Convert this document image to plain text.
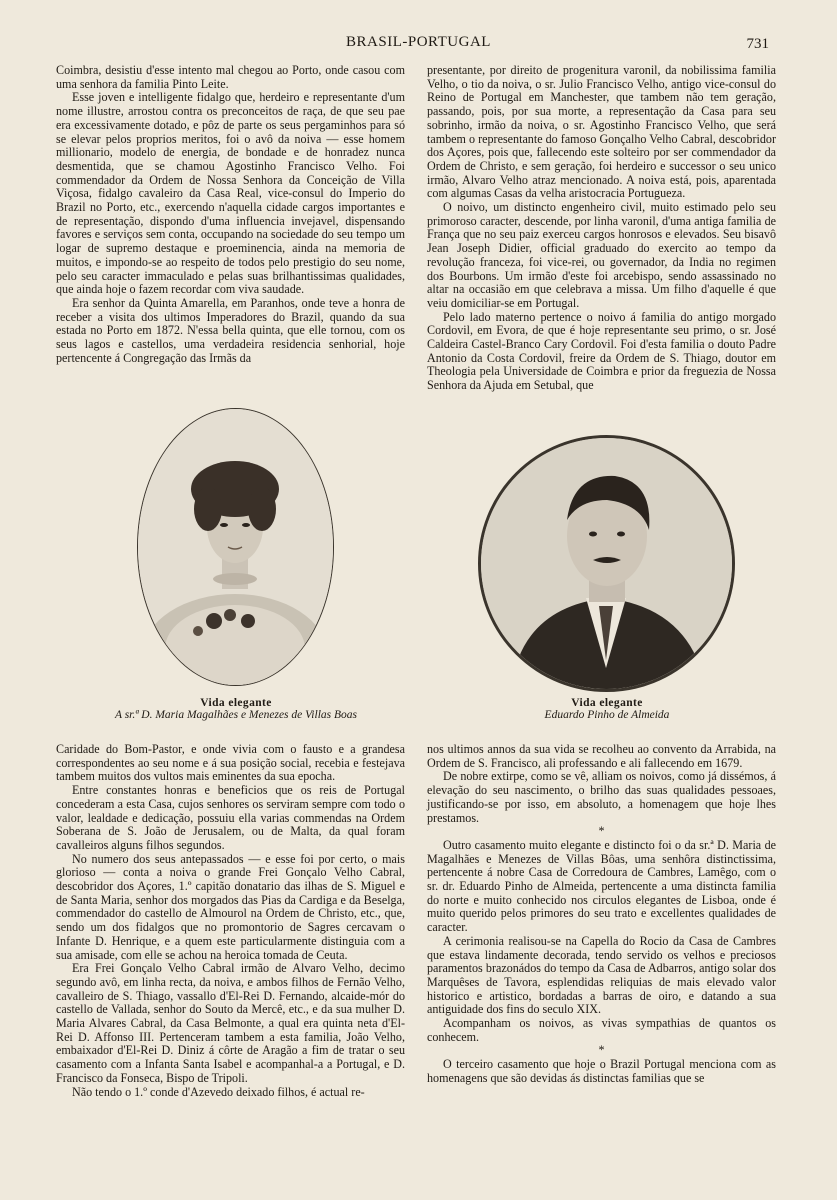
BRASIL-PORTUGAL	731

Coimbra, desistiu d'esse intento mal chegou ao Porto, onde casou com uma senhora da familia Pinto Leite.

Esse joven e intelligente fidalgo que, herdeiro e representante d'um nome illustre, arrostou contra os preconceitos de raça, de que seu pae era excessivamente dotado, e pôz de parte os seus pergaminhos para só se elevar pelos proprios meritos, foi o avô da noiva — esse homem millionario, modelo de energia, de bondade e de honradez nunca desmentida, que se chamou Agostinho Francisco Velho. Foi commendador da Ordem de Nossa Senhora da Conceição de Villa Viçosa, fidalgo cavaleiro da Casa Real, vice-consul do Imperio do Brazil no Porto, etc., exercendo n'aquella cidade cargos importantes e de representação, dispondo d'uma influencia invejavel, dispensando favores e serviços sem conta, occupando na sociedade do seu tempo um logar de supremo destaque e proeminencia, ainda na memoria de muitos, e impondo-se ao respeito de todos pelo prestigio do seu nome, pelo seu caracter immaculado e pelas suas brilhantissimas qualidades, que ainda hoje o fazem recordar com viva saudade.

Era senhor da Quinta Amarella, em Paranhos, onde teve a honra de receber a visita dos ultimos Imperadores do Brazil, quando da sua estada no Porto em 1872. N'essa bella quinta, que elle tornou, com os seus lagos e castellos, uma verdadeira residencia senhorial, hoje pertencente á Congregação das Irmãs da

presentante, por direito de progenitura varonil, da nobilissima familia Velho, o tio da noiva, o sr. Julio Francisco Velho, antigo vice-consul do Reino de Portugal em Manchester, que tambem não tem geração, passando, pois, por sua morte, a representação da Casa para seu sobrinho, irmão da noiva, o sr. Agostinho Francisco Velho, que será tambem o representante do famoso Gonçalho Velho Cabral, descobridor dos Açores, pois que, fallecendo este solteiro por ser commendador da Ordem de Christo, e sem geração, foi herdeiro e successor o seu unico irmão, Alvaro Velho atraz mencionado. A noiva está, pois, aparentada com algumas Casas da velha aristocracia Portugueza.

O noivo, um distincto engenheiro civil, muito estimado pelo seu primoroso caracter, descende, por linha varonil, d'uma antiga familia de França que no seu paiz exerceu cargos honrosos e elevados. Seu bisavô Jean Joseph Didier, official graduado do exercito ao tempo da revolução franceza, foi vice-rei, ou governador, da India no regimen dos Bourbons. Um irmão d'este foi arcebispo, sendo assassinado no altar na occasião em que celebrava a missa. Um filho d'aquelle é que veiu domiciliar-se em Portugal.

Pelo lado materno pertence o noivo á familia do antigo morgado Cordovil, em Evora, de que é hoje representante seu primo, o sr. José Caldeira Castel-Branco Cary Cordovil. Foi d'esta familia o douto Padre Antonio da Costa Cordovil, freire da Ordem de S. Thiago, doutor em Theologia pela Universidade de Coimbra e prior da freguezia de Nossa Senhora da Ajuda em Setubal, que

Vida elegante
A sr.ª D. Maria Magalhães e Menezes de Villas Boas
Vida elegante
Eduardo Pinho de Almeida

Caridade do Bom-Pastor, e onde vivia com o fausto e a grandesa correspondentes ao seu nome e á sua posição social, recebia e festejava tambem muitos dos vultos mais eminentes da sua epocha.

Entre constantes honras e beneficios que os reis de Portugal concederam a esta Casa, cujos senhores os serviram sempre com todo o valor, lealdade e dedicação, possuiu ella varias commendas na Ordem Soberana de S. João de Jerusalem, ou de Malta, da qual foram cavalleiros alguns filhos segundos.

No numero dos seus antepassados — e esse foi por certo, o mais glorioso — conta a noiva o grande Frei Gonçalo Velho Cabral, descobridor dos Açores, 1.º capitão donatario das ilhas de S. Miguel e de Santa Maria, senhor dos morgados das Pias da Cardiga e da Beselga, commendador do castello de Almourol na Ordem de Christo, etc., que, sendo um dos fidalgos que no promontorio de Sagres cercavam o Infante D. Henrique, e a quem este particularmente distinguia com a sua amisade, com elle se achou na heroica tomada de Ceuta.

Era Frei Gonçalo Velho Cabral irmão de Alvaro Velho, decimo segundo avô, em linha recta, da noiva, e ambos filhos de Fernão Velho, cavalleiro de S. Thiago, vassallo d'El-Rei D. Fernando, alcaide-mór do castello de Vallada, senhor do Souto da Mercê, etc., e da sua mulher D. Maria Alvares Cabral, da Casa Belmonte, a qual era quinta neta d'El-Rei D. Affonso III. Pertenceram tambem a esta familia, João Velho, embaixador d'El-Rei D. Diniz á côrte de Aragão a fim de tratar o seu casamento com a Infanta Santa Isabel e acompanhal-a a Portugal, e D. Francisco da Fonseca, Bispo de Tripoli.

Não tendo o 1.º conde d'Azevedo deixado filhos, é actual re-

nos ultimos annos da sua vida se recolheu ao convento da Arrabida, na Ordem de S. Francisco, ali professando e ali fallecendo em 1679.

De nobre extirpe, como se vê, alliam os noivos, como já dissémos, á elevação do seu nascimento, o brilho das suas qualidades pessoaes, justificando-se por isso, em absoluto, a homenagem que hoje lhes prestamos.

*

Outro casamento muito elegante e distincto foi o da sr.ª D. Maria de Magalhães e Menezes de Villas Bôas, uma senhôra distinctissima, pertencente á nobre Casa de Corredoura de Cambres, Lamêgo, com o sr. dr. Eduardo Pinho de Almeida, pertencente a uma distincta familia do norte e muito conhecido nos circulos elegantes de Lisboa, onde é muito querido pelos primores do seu trato e excellentes qualidades de caracter.

A cerimonia realisou-se na Capella do Rocio da Casa de Cambres que estava lindamente decorada, tendo servido os velhos e preciosos paramentos brazonádos do tempo da Casa de Adbarros, antigo solar dos Marquêses de Tavora, esplendidas reliquias de mais elevado valor historico e artistico, bordadas a barras de oiro, e datando a sua antiguidade dos fins do seculo XIX.

Acompanham os noivos, as vivas sympathias de quantos os conhecem.

*

O terceiro casamento que hoje o Brazil Portugal menciona com as homenagens que são devidas ás distinctas familias que se
